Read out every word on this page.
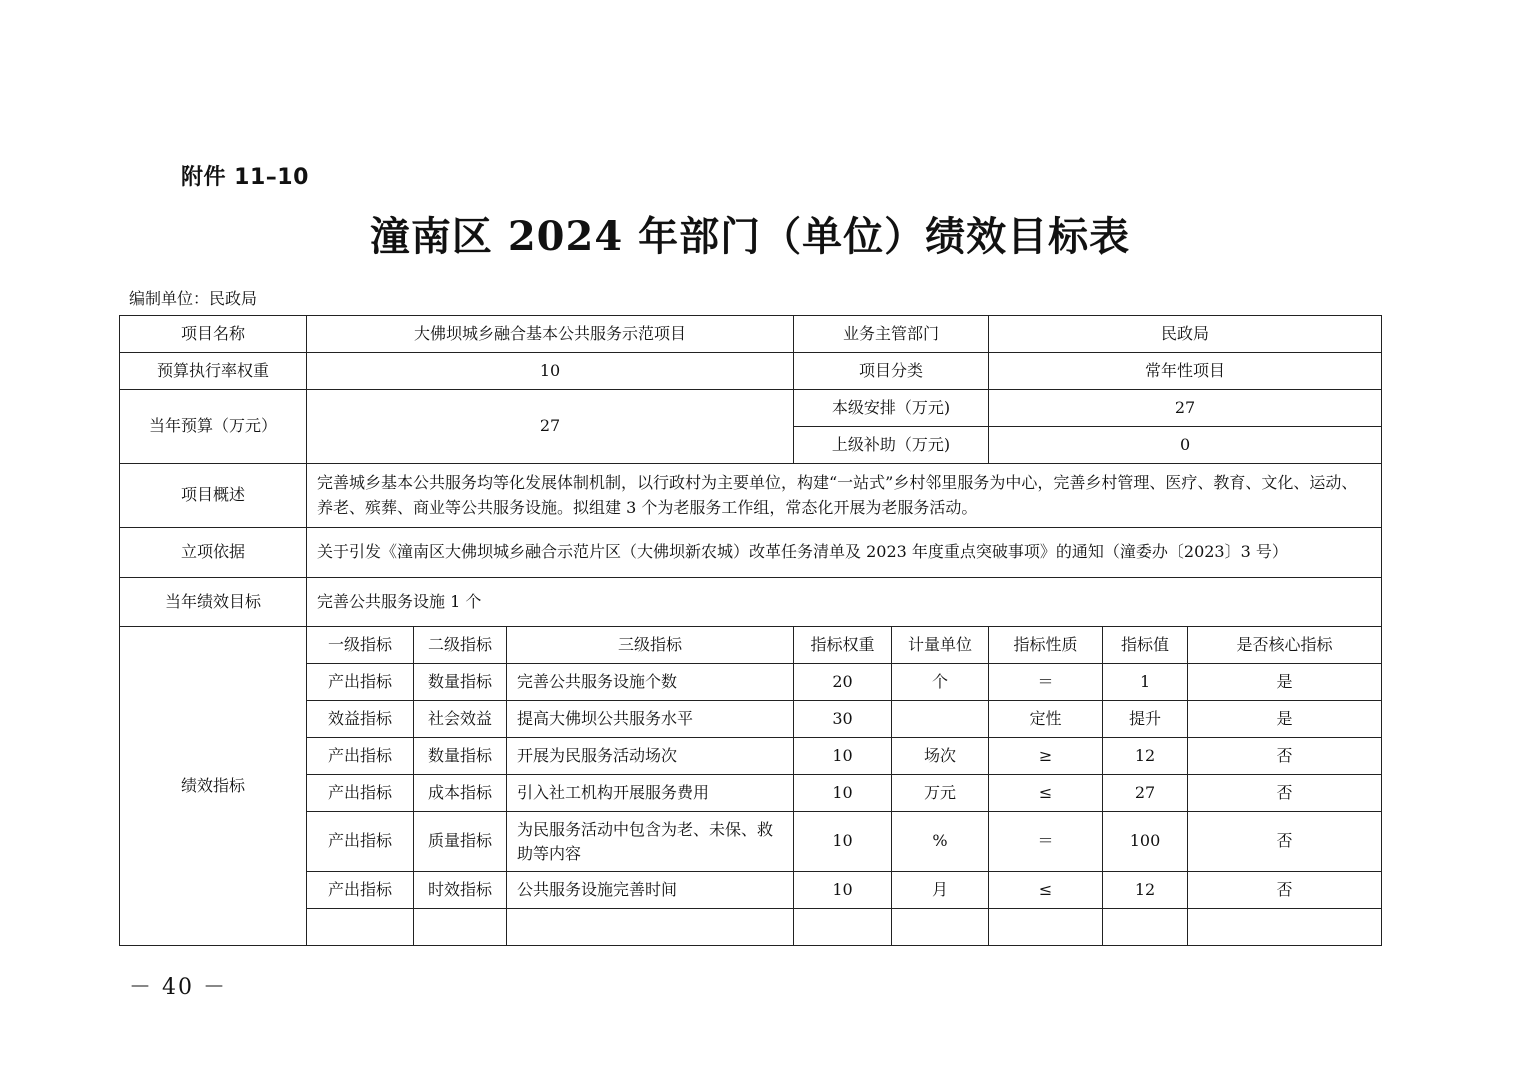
附件 11–10
潼南区 2024 年部门（单位）绩效目标表
编制单位：民政局
项目名称	大佛坝城乡融合基本公共服务示范项目			业务主管部门		民政局		
预算执行率权重	10			项目分类		常年性项目		
当年预算（万元）	27			本级安排（万元)		27		
				上级补助（万元)		0		
项目概述	完善城乡基本公共服务均等化发展体制机制，以行政村为主要单位，构建“一站式”乡村邻里服务为中心，完善乡村管理、医疗、教育、文化、运动、养老、殡葬、商业等公共服务设施。拟组建 3 个为老服务工作组，常态化开展为老服务活动。							
立项依据	关于引发《潼南区大佛坝城乡融合示范片区（大佛坝新农城）改革任务清单及 2023 年度重点突破事项》的通知（潼委办〔2023〕3 号）							
当年绩效目标	完善公共服务设施 1 个							
绩效指标	一级指标	二级指标	三级指标	指标权重	计量单位	指标性质	指标值	是否核心指标
	产出指标	数量指标	完善公共服务设施个数	20	个	＝	1	是
	效益指标	社会效益	提高大佛坝公共服务水平	30		定性	提升	是
	产出指标	数量指标	开展为民服务活动场次	10	场次	≥	12	否
	产出指标	成本指标	引入社工机构开展服务费用	10	万元	≤	27	否
	产出指标	质量指标	为民服务活动中包含为老、未保、救助等内容	10	%	＝	100	否
	产出指标	时效指标	公共服务设施完善时间	10	月	≤	12	否

－ 40 －
